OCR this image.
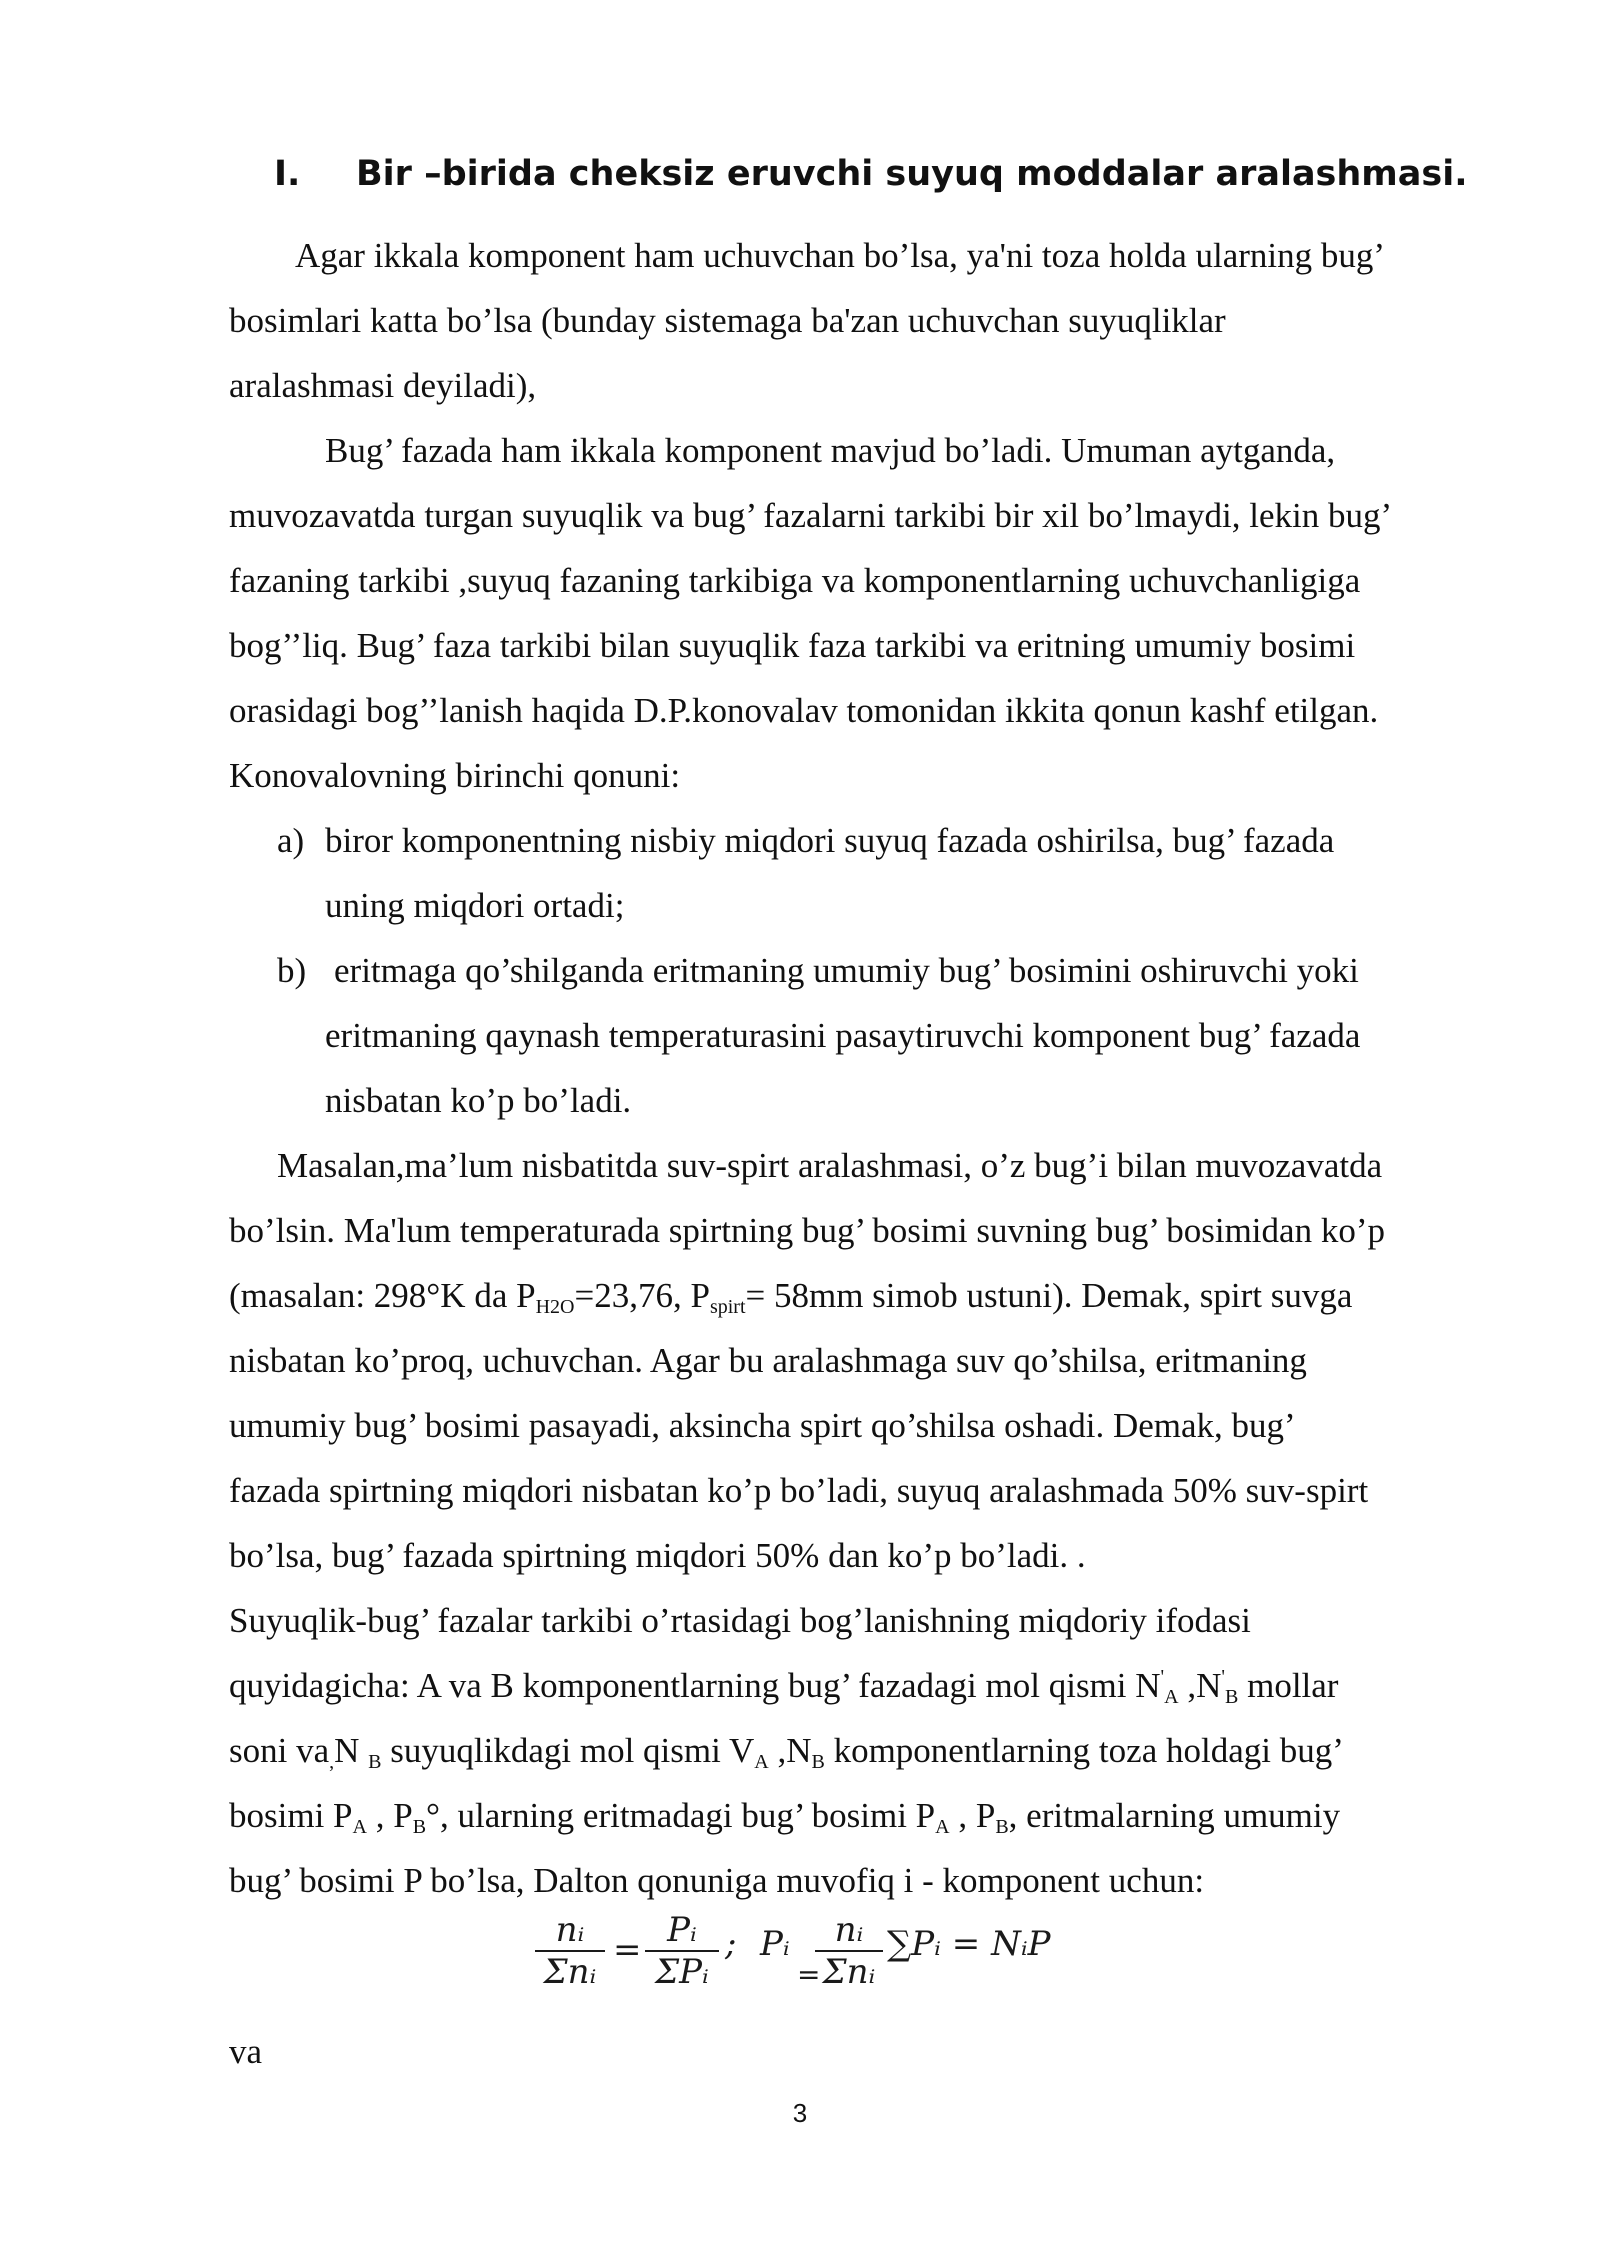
I. Bir –birida cheksiz eruvchi suyuq moddalar aralashmasi.
Agar ikkala komponent ham uchuvchan bo’lsa, ya'ni toza holda ularning bug’
bosimlari katta bo’lsa (bunday sistemaga ba'zan uchuvchan suyuqliklar
aralashmasi deyiladi),
Bug’ fazada ham ikkala komponent mavjud bo’ladi. Umuman aytganda,
muvozavatda turgan suyuqlik va bug’ fazalarni tarkibi bir xil bo’lmaydi, lekin bug’
fazaning tarkibi ,suyuq fazaning tarkibiga va komponentlarning uchuvchanligiga
bog’’liq. Bug’ faza tarkibi bilan suyuqlik faza tarkibi va eritning umumiy bosimi
orasidagi bog’’lanish haqida D.P.konovalav tomonidan ikkita qonun kashf etilgan.
Konovalovning birinchi qonuni:
a) biror komponentning nisbiy miqdori suyuq fazada oshirilsa, bug’ fazada
uning miqdori ortadi;
b) eritmaga qo’shilganda eritmaning umumiy bug’ bosimini oshiruvchi yoki
eritmaning qaynash temperaturasini pasaytiruvchi komponent bug’ fazada
nisbatan ko’p bo’ladi.
Masalan,ma’lum nisbatitda suv-spirt aralashmasi, o’z bug’i bilan muvozavatda
bo’lsin. Ma'lum temperaturada spirtning bug’ bosimi suvning bug’ bosimidan ko’p
(masalan: 298°K da $P_{H2O}=23,76$, $P_{spirt}= 58mm$ simob ustuni). Demak, spirt suvga
nisbatan ko’proq, uchuvchan. Agar bu aralashmaga suv qo’shilsa, eritmaning
umumiy bug’ bosimi pasayadi, aksincha spirt qo’shilsa oshadi. Demak, bug’
fazada spirtning miqdori nisbatan ko’p bo’ladi, suyuq aralashmada 50% suv-spirt
bo’lsa, bug’ fazada spirtning miqdori 50% dan ko’p bo’ladi. .
Suyuqlik-bug’ fazalar tarkibi o’rtasidagi bog’lanishning miqdoriy ifodasi
quyidagicha: A va B komponentlarning bug’ fazadagi mol qismi $N'_A$ $,N'_B$ mollar
soni $va_,N$ $_B$ suyuqlikdagi mol qismi $V_A$ $,N_B$ komponentlarning toza holdagi bug’
bosimi $P_A$ , $P_B^\circ$, ularning eritmadagi bug’ bosimi $P_A$ , $P_B$, eritmalarning umumiy
bug’ bosimi P bo’lsa, Dalton qonuniga muvofiq i - komponent uchun:
nᵢ
Σnᵢ
= Pᵢ
ΣPᵢ
; Pᵢ
=
nᵢ
Σnᵢ
∑Pᵢ = NᵢP
va
3
